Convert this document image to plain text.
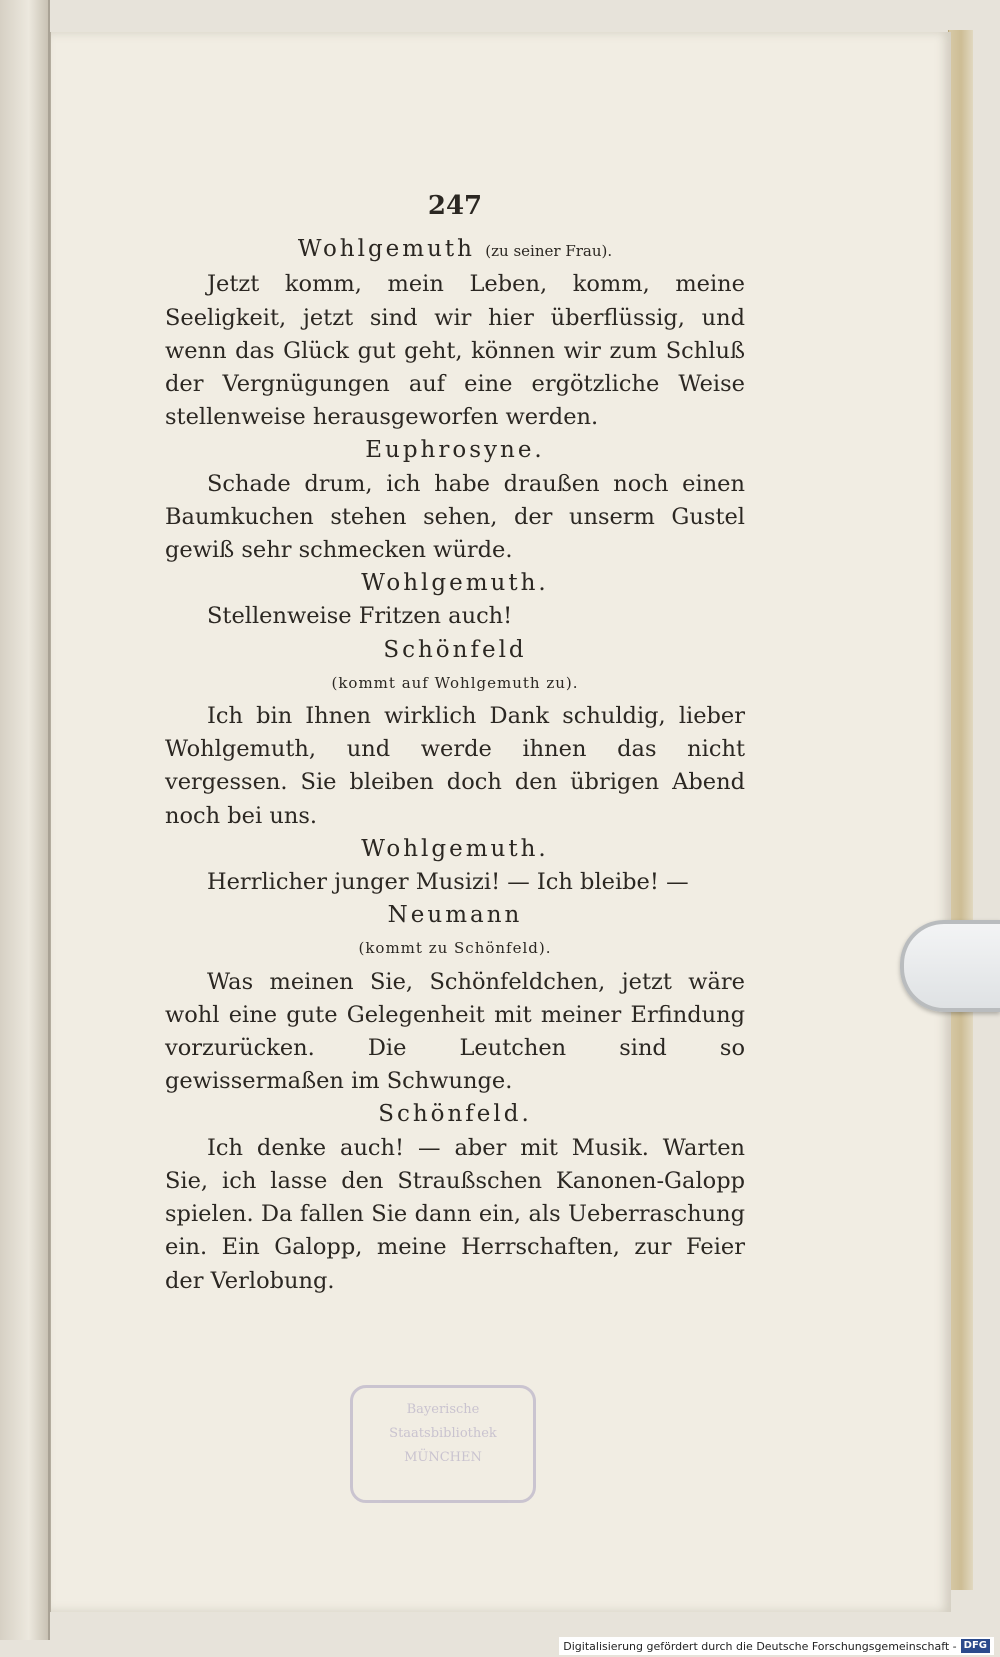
247

Wohlgemuth (zu seiner Frau).

Jetzt komm, mein Leben, komm, meine Seeligkeit, jetzt sind wir hier überflüssig, und wenn das Glück gut geht, können wir zum Schluß der Vergnügungen auf eine ergötzliche Weise stellenweise herausgeworfen werden.

Euphrosyne.

Schade drum, ich habe draußen noch einen Baumkuchen stehen sehen, der unserm Gustel gewiß sehr schmecken würde.

Wohlgemuth.

Stellenweise Fritzen auch!

Schönfeld

(kommt auf Wohlgemuth zu).

Ich bin Ihnen wirklich Dank schuldig, lieber Wohlgemuth, und werde ihnen das nicht vergessen. Sie bleiben doch den übrigen Abend noch bei uns.

Wohlgemuth.

Herrlicher junger Musizi! — Ich bleibe! —

Neumann

(kommt zu Schönfeld).

Was meinen Sie, Schönfeldchen, jetzt wäre wohl eine gute Gelegenheit mit meiner Erfindung vorzurücken. Die Leutchen sind so gewissermaßen im Schwunge.

Schönfeld.

Ich denke auch! — aber mit Musik. Warten Sie, ich lasse den Straußschen Kanonen-Galopp spielen. Da fallen Sie dann ein, als Ueberraschung ein. Ein Galopp, meine Herrschaften, zur Feier der Verlobung.

Bayerische
Staatsbibliothek
MÜNCHEN
Digitalisierung gefördert durch die Deutsche Forschungsgemeinschaft - DFG
